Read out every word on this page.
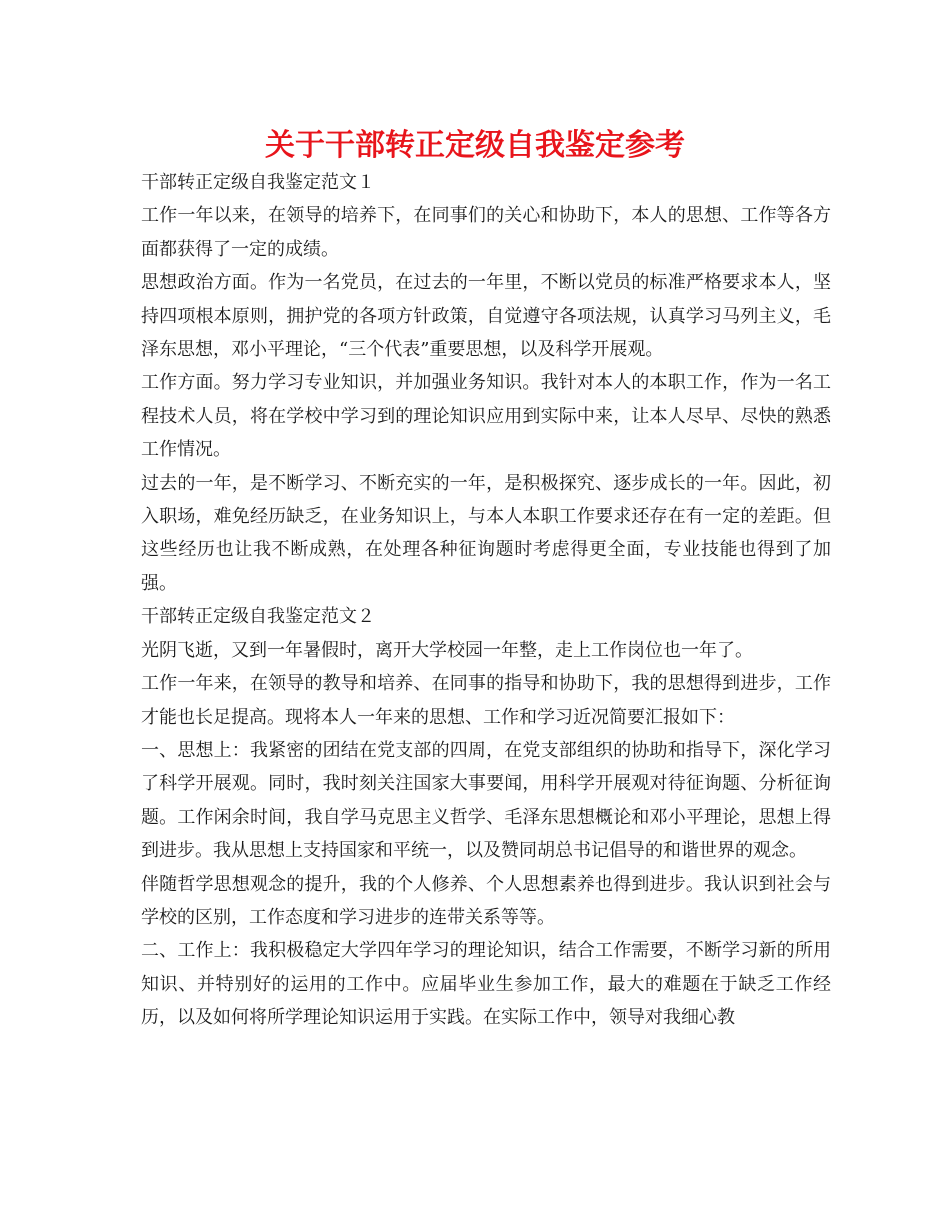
关于干部转正定级自我鉴定参考

干部转正定级自我鉴定范文１

工作一年以来，在领导的培养下，在同事们的关心和协助下，本人的思想、工作等各方面都获得了一定的成绩。

思想政治方面。作为一名党员，在过去的一年里，不断以党员的标准严格要求本人，坚持四项根本原则，拥护党的各项方针政策，自觉遵守各项法规，认真学习马列主义，毛泽东思想，邓小平理论，“三个代表”重要思想，以及科学开展观。

工作方面。努力学习专业知识，并加强业务知识。我针对本人的本职工作，作为一名工程技术人员，将在学校中学习到的理论知识应用到实际中来，让本人尽早、尽快的熟悉工作情况。

过去的一年，是不断学习、不断充实的一年，是积极探究、逐步成长的一年。因此，初入职场，难免经历缺乏，在业务知识上，与本人本职工作要求还存在有一定的差距。但这些经历也让我不断成熟，在处理各种征询题时考虑得更全面，专业技能也得到了加强。

干部转正定级自我鉴定范文２

光阴飞逝，又到一年暑假时，离开大学校园一年整，走上工作岗位也一年了。

工作一年来，在领导的教导和培养、在同事的指导和协助下，我的思想得到进步，工作才能也长足提高。现将本人一年来的思想、工作和学习近况简要汇报如下：

一、思想上：我紧密的团结在党支部的四周，在党支部组织的协助和指导下，深化学习了科学开展观。同时，我时刻关注国家大事要闻，用科学开展观对待征询题、分析征询题。工作闲余时间，我自学马克思主义哲学、毛泽东思想概论和邓小平理论，思想上得到进步。我从思想上支持国家和平统一，以及赞同胡总书记倡导的和谐世界的观念。

伴随哲学思想观念的提升，我的个人修养、个人思想素养也得到进步。我认识到社会与学校的区别，工作态度和学习进步的连带关系等等。

二、工作上：我积极稳定大学四年学习的理论知识，结合工作需要，不断学习新的所用知识、并特别好的运用的工作中。应届毕业生参加工作，最大的难题在于缺乏工作经历，以及如何将所学理论知识运用于实践。在实际工作中，领导对我细心教
